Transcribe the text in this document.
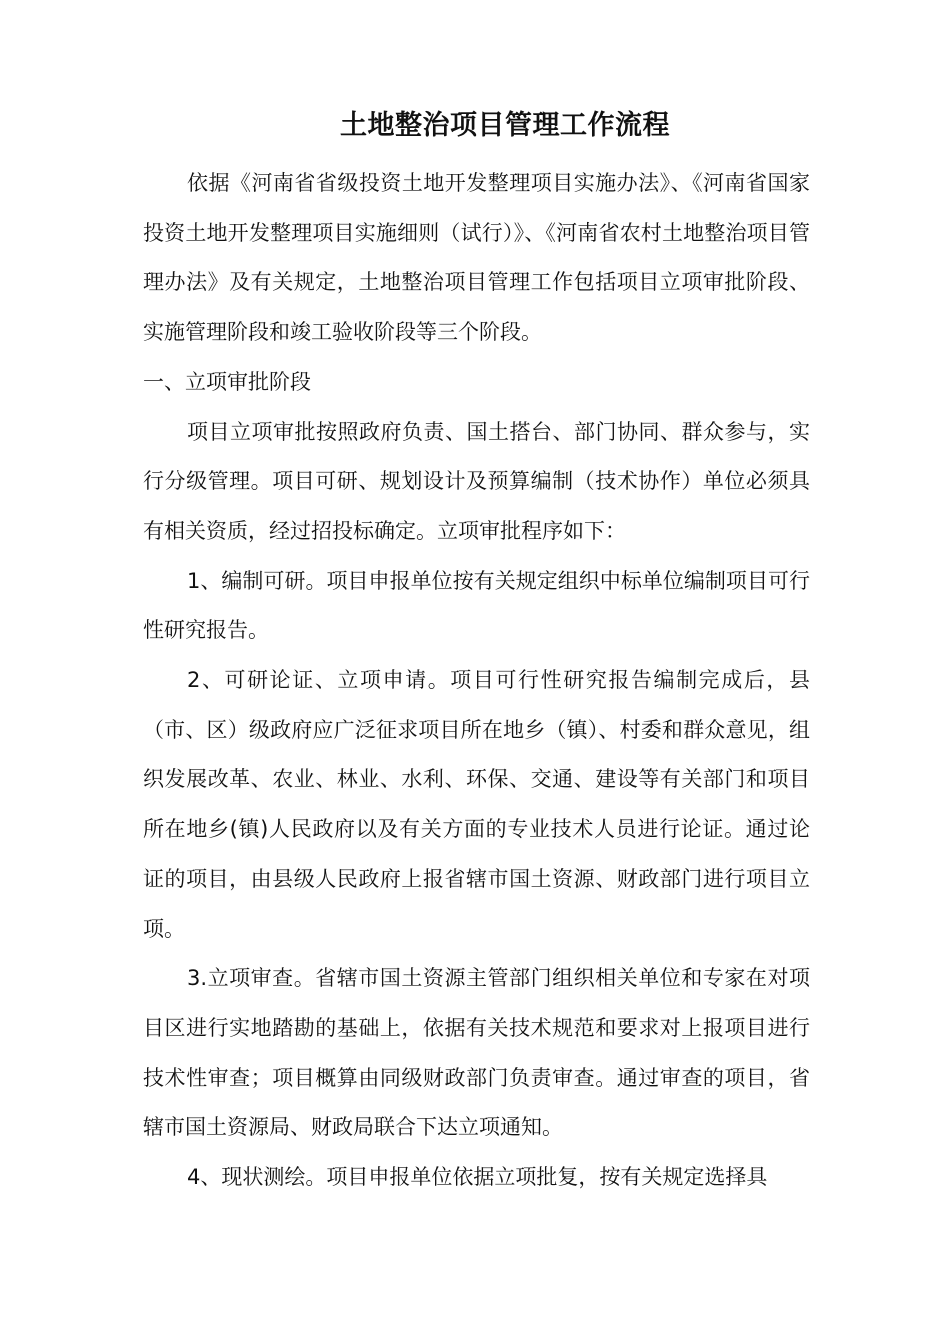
土地整治项目管理工作流程

依据《河南省省级投资土地开发整理项目实施办法》、《河南省国家投资土地开发整理项目实施细则（试行）》、《河南省农村土地整治项目管理办法》及有关规定，土地整治项目管理工作包括项目立项审批阶段、实施管理阶段和竣工验收阶段等三个阶段。

一、立项审批阶段

项目立项审批按照政府负责、国土搭台、部门协同、群众参与，实行分级管理。项目可研、规划设计及预算编制（技术协作）单位必须具有相关资质，经过招投标确定。立项审批程序如下：

1、编制可研。项目申报单位按有关规定组织中标单位编制项目可行性研究报告。

2、可研论证、立项申请。项目可行性研究报告编制完成后，县（市、区）级政府应广泛征求项目所在地乡（镇）、村委和群众意见，组织发展改革、农业、林业、水利、环保、交通、建设等有关部门和项目所在地乡(镇)人民政府以及有关方面的专业技术人员进行论证。通过论证的项目，由县级人民政府上报省辖市国土资源、财政部门进行项目立项。

3.立项审查。省辖市国土资源主管部门组织相关单位和专家在对项目区进行实地踏勘的基础上，依据有关技术规范和要求对上报项目进行技术性审查；项目概算由同级财政部门负责审查。通过审查的项目，省辖市国土资源局、财政局联合下达立项通知。

4、现状测绘。项目申报单位依据立项批复，按有关规定选择具
